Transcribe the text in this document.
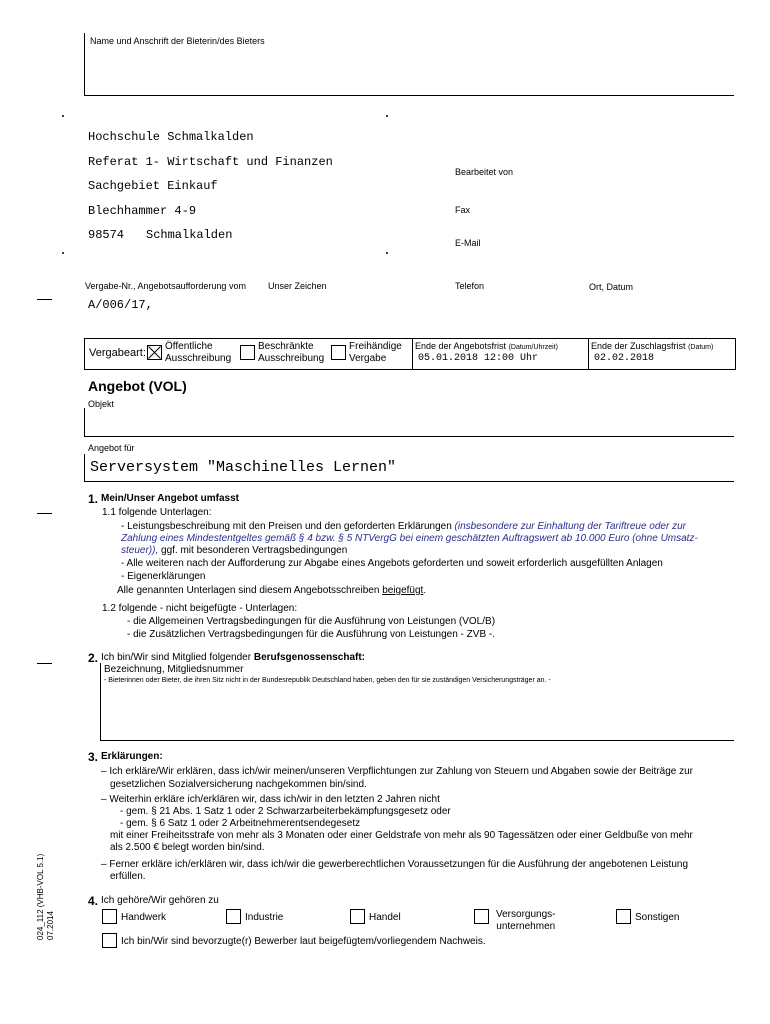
Name und Anschrift der Bieterin/des Bieters
Hochschule Schmalkalden
Referat 1- Wirtschaft und Finanzen
Sachgebiet Einkauf
Blechhammer 4-9
98574 Schmalkalden
Bearbeitet von
Fax
E-Mail
Vergabe-Nr., Angebotsaufforderung vom Unser Zeichen	Telefon	Ort, Datum
A/006/17,
Vergabeart:
Öffentliche
Ausschreibung
Beschränkte
Ausschreibung
Freihändige
Vergabe
Ende der Angebotsfrist (Datum/Uhrzeit)
05.01.2018 12:00 Uhr
Ende der Zuschlagsfrist (Datum)
02.02.2018
Angebot (VOL)
Objekt
Angebot für
Serversystem "Maschinelles Lernen"
1. Mein/Unser Angebot umfasst
1.1 folgende Unterlagen:
- Leistungsbeschreibung mit den Preisen und den geforderten Erklärungen (insbesondere zur Einhaltung der Tariftreue oder zur
Zahlung eines Mindestentgeltes gemäß § 4 bzw. § 5 NTVergG bei einem geschätzten Auftragswert ab 10.000 Euro (ohne Umsatz-
steuer)), ggf. mit besonderen Vertragsbedingungen
- Alle weiteren nach der Aufforderung zur Abgabe eines Angebots geforderten und soweit erforderlich ausgefüllten Anlagen
- Eigenerklärungen
Alle genannten Unterlagen sind diesem Angebotsschreiben beigefügt.
1.2 folgende - nicht beigefügte - Unterlagen:
- die Allgemeinen Vertragsbedingungen für die Ausführung von Leistungen (VOL/B)
- die Zusätzlichen Vertragsbedingungen für die Ausführung von Leistungen - ZVB -.
2. Ich bin/Wir sind Mitglied folgender Berufsgenossenschaft:
Bezeichnung, Mitgliedsnummer
- Bieterinnen oder Bieter, die ihren Sitz nicht in der Bundesrepublik Deutschland haben, geben den für sie zuständigen Versicherungsträger an. -
3. Erklärungen:
– Ich erkläre/Wir erklären, dass ich/wir meinen/unseren Verpflichtungen zur Zahlung von Steuern und Abgaben sowie der Beiträge zur
gesetzlichen Sozialversicherung nachgekommen bin/sind.
– Weiterhin erkläre ich/erklären wir, dass ich/wir in den letzten 2 Jahren nicht
- gem. § 21 Abs. 1 Satz 1 oder 2 Schwarzarbeiterbekämpfungsgesetz oder
- gem. § 6 Satz 1 oder 2 Arbeitnehmerentsendegesetz
mit einer Freiheitsstrafe von mehr als 3 Monaten oder einer Geldstrafe von mehr als 90 Tagessätzen oder einer Geldbuße von mehr
als 2.500 € belegt worden bin/sind.
– Ferner erkläre ich/erklären wir, dass ich/wir die gewerberechtlichen Voraussetzungen für die Ausführung der angebotenen Leistung
erfüllen.
4. Ich gehöre/Wir gehören zu
Handwerk	Industrie	Handel	Versorgungs-
unternehmen
Sonstigen
Ich bin/Wir sind bevorzugte(r) Bewerber laut beigefügtem/vorliegendem Nachweis.
024_112 (VHB-VOL 5.1) 07.2014
